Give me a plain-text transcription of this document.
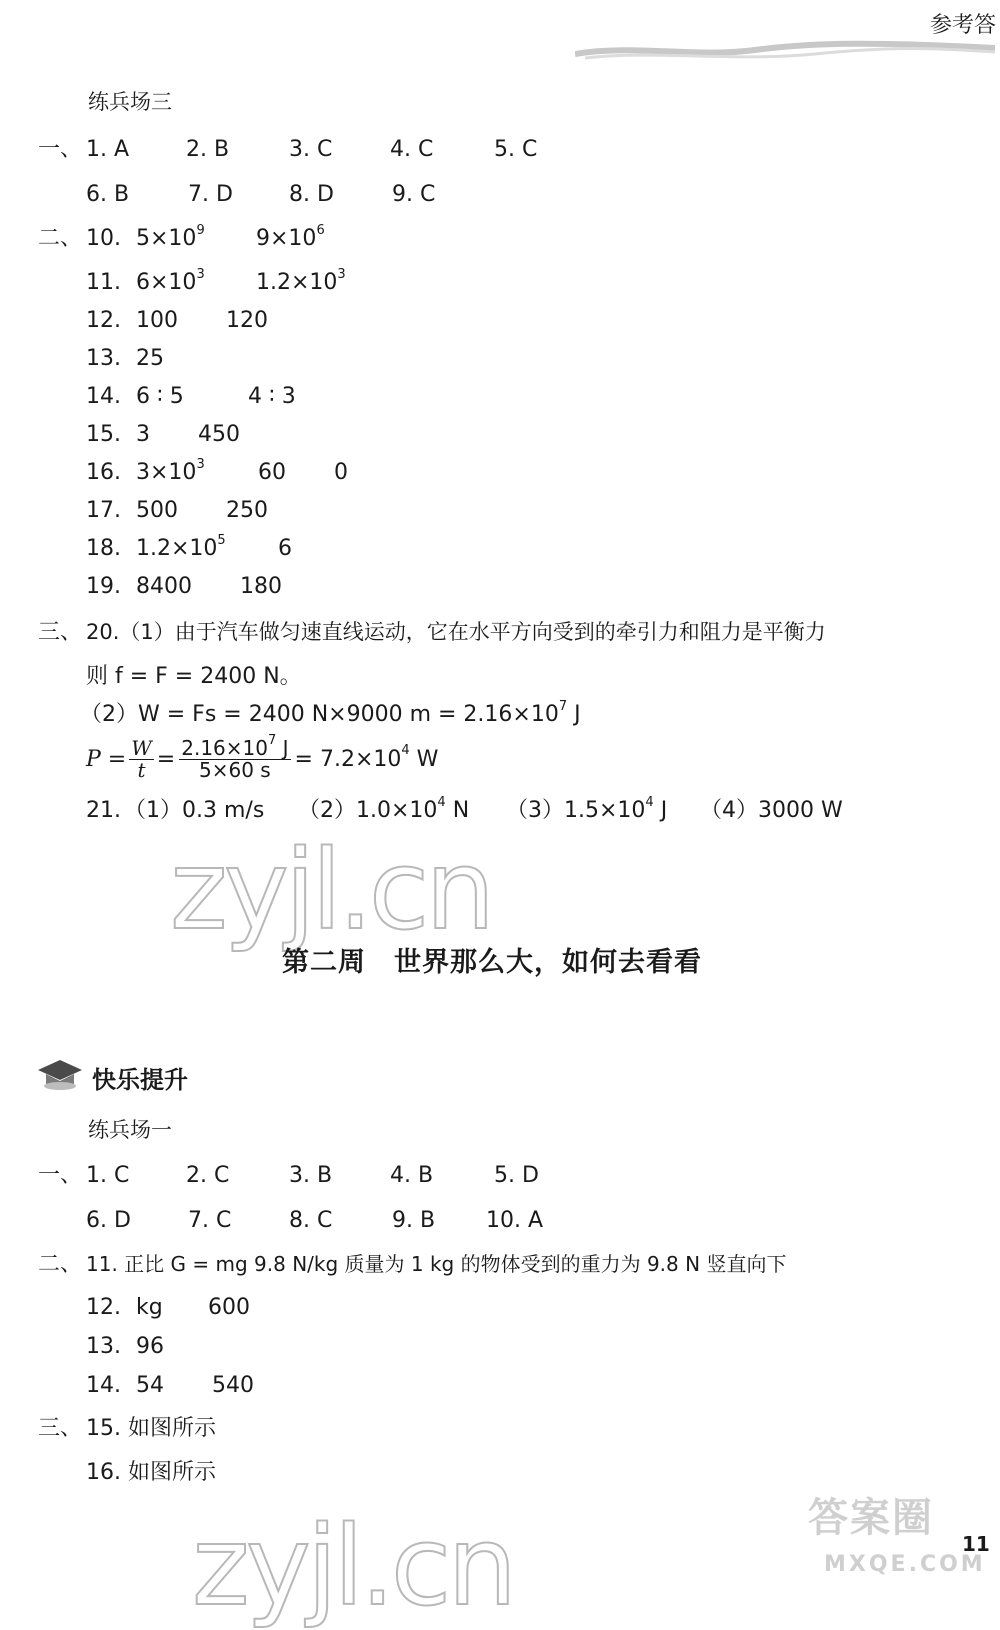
参考答
练兵场三
一、 1. A	2. B	3. C	4. C	5. C
6. B	7. D	8. D	9. C
二、 10. $5\times 10^9$ $9\times 10^6$
11. $6\times 10^3$ $1.2\times 10^3$
12. 100 120
13. 25
14. 6 ∶ 5	4 ∶ 3
15. 3 450
16. $3\times 10^3$ 60 0
17. 500 250
18. $1.2\times 10^5$ 6
19. 8400 180
三、 20.（1）由于汽车做匀速直线运动，它在水平方向受到的牵引力和阻力是平衡力
则 f = F = 2400 N。
（2）W = Fs = 2400 N×9000 $m = 2.16\times 10^7$ J
$P = \frac{W}{t} = \frac{2.16\times 10^7 J}{5\times 60 s} = 7.2\times 10^4$ W
21. （1）0.3 m/s $(2)1.0\times 10^4$ N $(3)1.5\times 10^4$ J （4）3000 W
zyjl.cn
第二周　世界那么大，如何去看看
快乐提升
练兵场一
一、 1. C	2. C	3. B	4. B	5. D
6. D	7. C	8. C	9. B 10. A
二、 11. 正比 G = mg 9.8 N/kg 质量为 1 kg 的物体受到的重力为 9.8 N 竖直向下
12. kg 600
13. 96
14. 54 540
三、 15. 如图所示
16. 如图所示
zyjl.cn	答案圈
MXQE.COM
11
